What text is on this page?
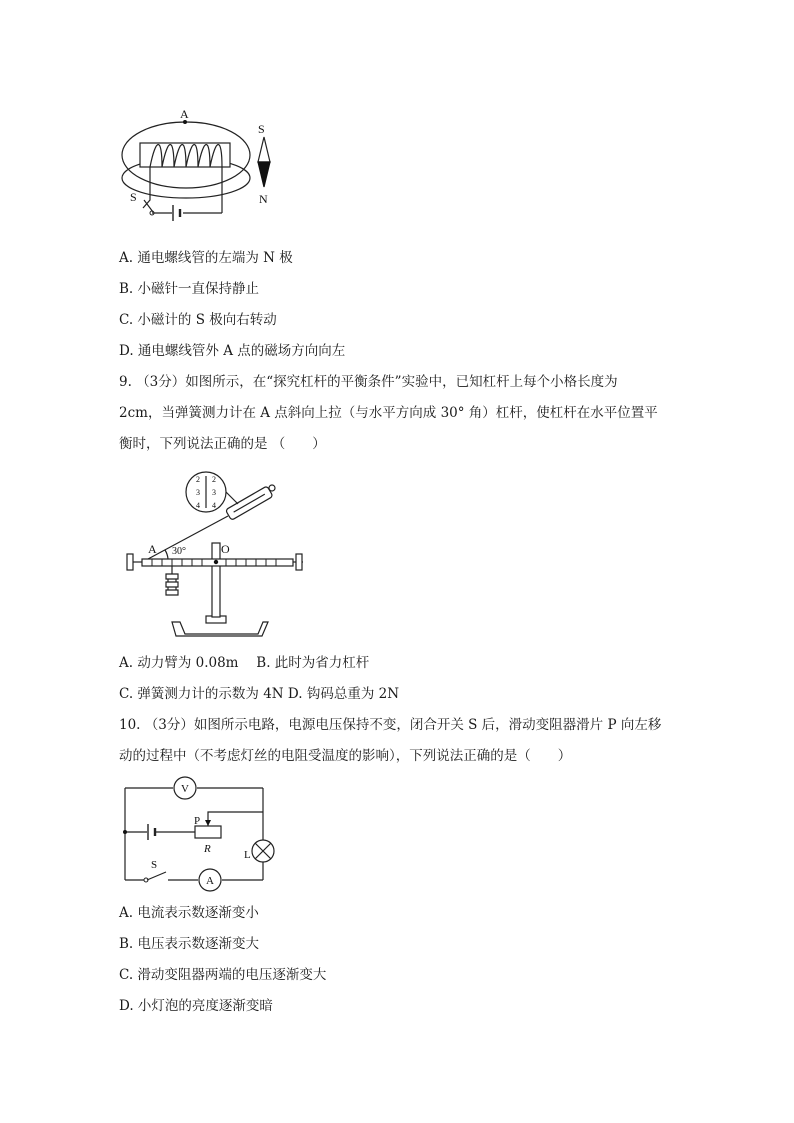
A
S
N
S
A. 通电螺线管的左端为 N 极
B. 小磁针一直保持静止
C. 小磁计的 S 极向右转动
D. 通电螺线管外 A 点的磁场方向向左
9. （3分）如图所示，在“探究杠杆的平衡条件”实验中，已知杠杆上每个小格长度为
2cm，当弹簧测力计在 A 点斜向上拉（与水平方向成 30° 角）杠杆，使杠杆在水平位置平
衡时，下列说法正确的是 （　　）
A 30°	O
2
3
4
2
3
4
A. 动力臂为 0.08m　 B. 此时为省力杠杆
C. 弹簧测力计的示数为 4N D. 钩码总重为 2N
10. （3分）如图所示电路，电源电压保持不变，闭合开关 S 后，滑动变阻器滑片 P 向左移
动的过程中（不考虑灯丝的电阻受温度的影响），下列说法正确的是（　　）
V
P
R	L
S
A
A. 电流表示数逐渐变小
B. 电压表示数逐渐变大
C. 滑动变阻器两端的电压逐渐变大
D. 小灯泡的亮度逐渐变暗
